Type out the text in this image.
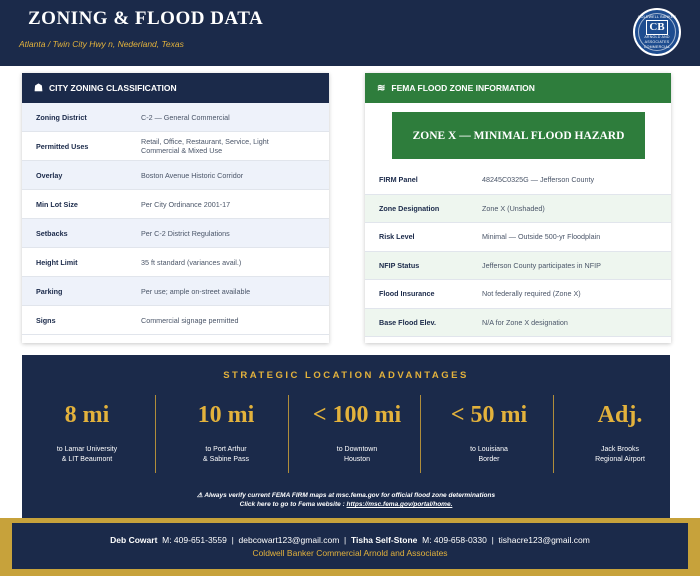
ZONING & FLOOD DATA
Atlanta / Twin City Hwy n, Nederland, Texas
COLDWELL BANKER
CB
ARNOLD AND ASSOCIATES
COMMERCIAL
☗ CITY ZONING CLASSIFICATION
Zoning District	C-2 — General Commercial
Permitted Uses	Retail, Office, Restaurant, Service, Light Commercial & Mixed Use
Overlay	Boston Avenue Historic Corridor
Min Lot Size	Per City Ordinance 2001-17
Setbacks	Per C-2 District Regulations
Height Limit	35 ft standard (variances avail.)
Parking	Per use; ample on-street available
Signs	Commercial signage permitted
≋ FEMA FLOOD ZONE INFORMATION
ZONE X — MINIMAL FLOOD HAZARD
FIRM Panel	48245C0325G — Jefferson County
Zone Designation	Zone X (Unshaded)
Risk Level	Minimal — Outside 500-yr Floodplain
NFIP Status	Jefferson County participates in NFIP
Flood Insurance	Not federally required (Zone X)
Base Flood Elev.	N/A for Zone X designation
STRATEGIC LOCATION ADVANTAGES
8 mi
to Lamar University
& LIT Beaumont
10 mi
to Port Arthur
& Sabine Pass
< 100 mi
to Downtown
Houston
< 50 mi
to Louisiana
Border
Adj.
Jack Brooks
Regional Airport
⚠ Always verify current FEMA FIRM maps at msc.fema.gov for official flood zone determinations
Click here to go to Fema website : https://msc.fema.gov/portal/home.
Deb Cowart  M: 409-651-3559  |  debcowart123@gmail.com  |  Tisha Self-Stone  M: 409-658-0330  |  tishacre123@gmail.com
Coldwell Banker Commercial Arnold and Associates
